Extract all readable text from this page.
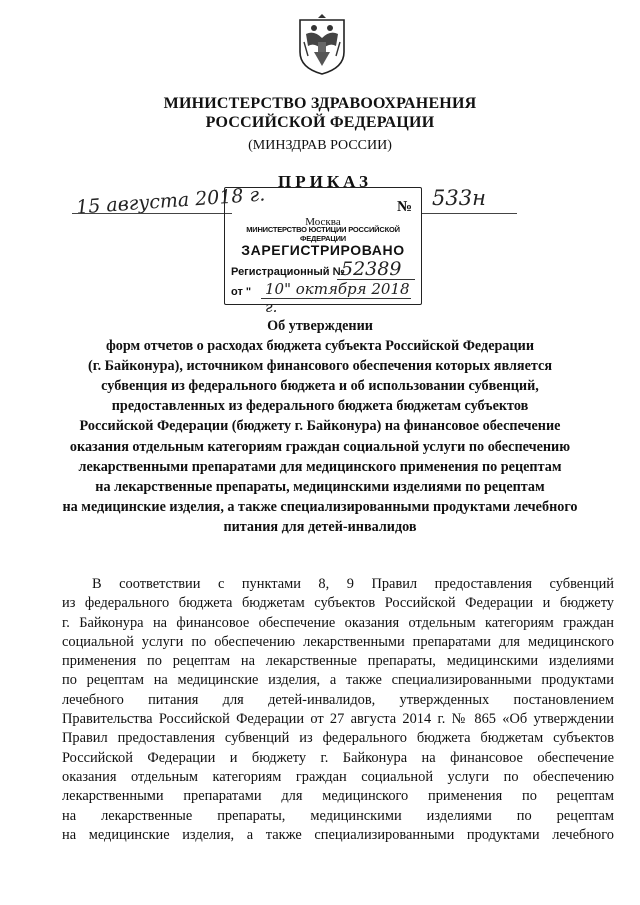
МИНИСТЕРСТВО ЗДРАВООХРАНЕНИЯ
РОССИЙСКОЙ ФЕДЕРАЦИИ
(МИНЗДРАВ РОССИИ)
15 августа 2018 г.	№ 533н
Москва
МИНИСТЕРСТВО ЮСТИЦИИ РОССИЙСКОЙ ФЕДЕРАЦИИ
ЗАРЕГИСТРИРОВАНО
Регистрационный №
52389
от " 10" октября 2018 г.
ПРИКАЗ
Об утверждении
форм отчетов о расходах бюджета субъекта Российской Федерации
(г. Байконура), источником финансового обеспечения которых является
субвенция из федерального бюджета и об использовании субвенций,
предоставленных из федерального бюджета бюджетам субъектов
Российской Федерации (бюджету г. Байконура) на финансовое обеспечение
оказания отдельным категориям граждан социальной услуги по обеспечению
лекарственными препаратами для медицинского применения по рецептам
на лекарственные препараты, медицинскими изделиями по рецептам
на медицинские изделия, а также специализированными продуктами лечебного
питания для детей-инвалидов
В соответствии с пунктами 8, 9 Правил предоставления субвенций
из федерального бюджета бюджетам субъектов Российской Федерации и бюджету
г. Байконура на финансовое обеспечение оказания отдельным категориям граждан
социальной услуги по обеспечению лекарственными препаратами для медицинского
применения по рецептам на лекарственные препараты, медицинскими изделиями
по рецептам на медицинские изделия, а также специализированными продуктами
лечебного питания для детей-инвалидов, утвержденных постановлением
Правительства Российской Федерации от 27 августа 2014 г. № 865 «Об утверждении
Правил предоставления субвенций из федерального бюджета бюджетам субъектов
Российской Федерации и бюджету г. Байконура на финансовое обеспечение
оказания отдельным категориям граждан социальной услуги по обеспечению
лекарственными препаратами для медицинского применения по рецептам
на лекарственные препараты, медицинскими изделиями по рецептам
на медицинские изделия, а также специализированными продуктами лечебного
